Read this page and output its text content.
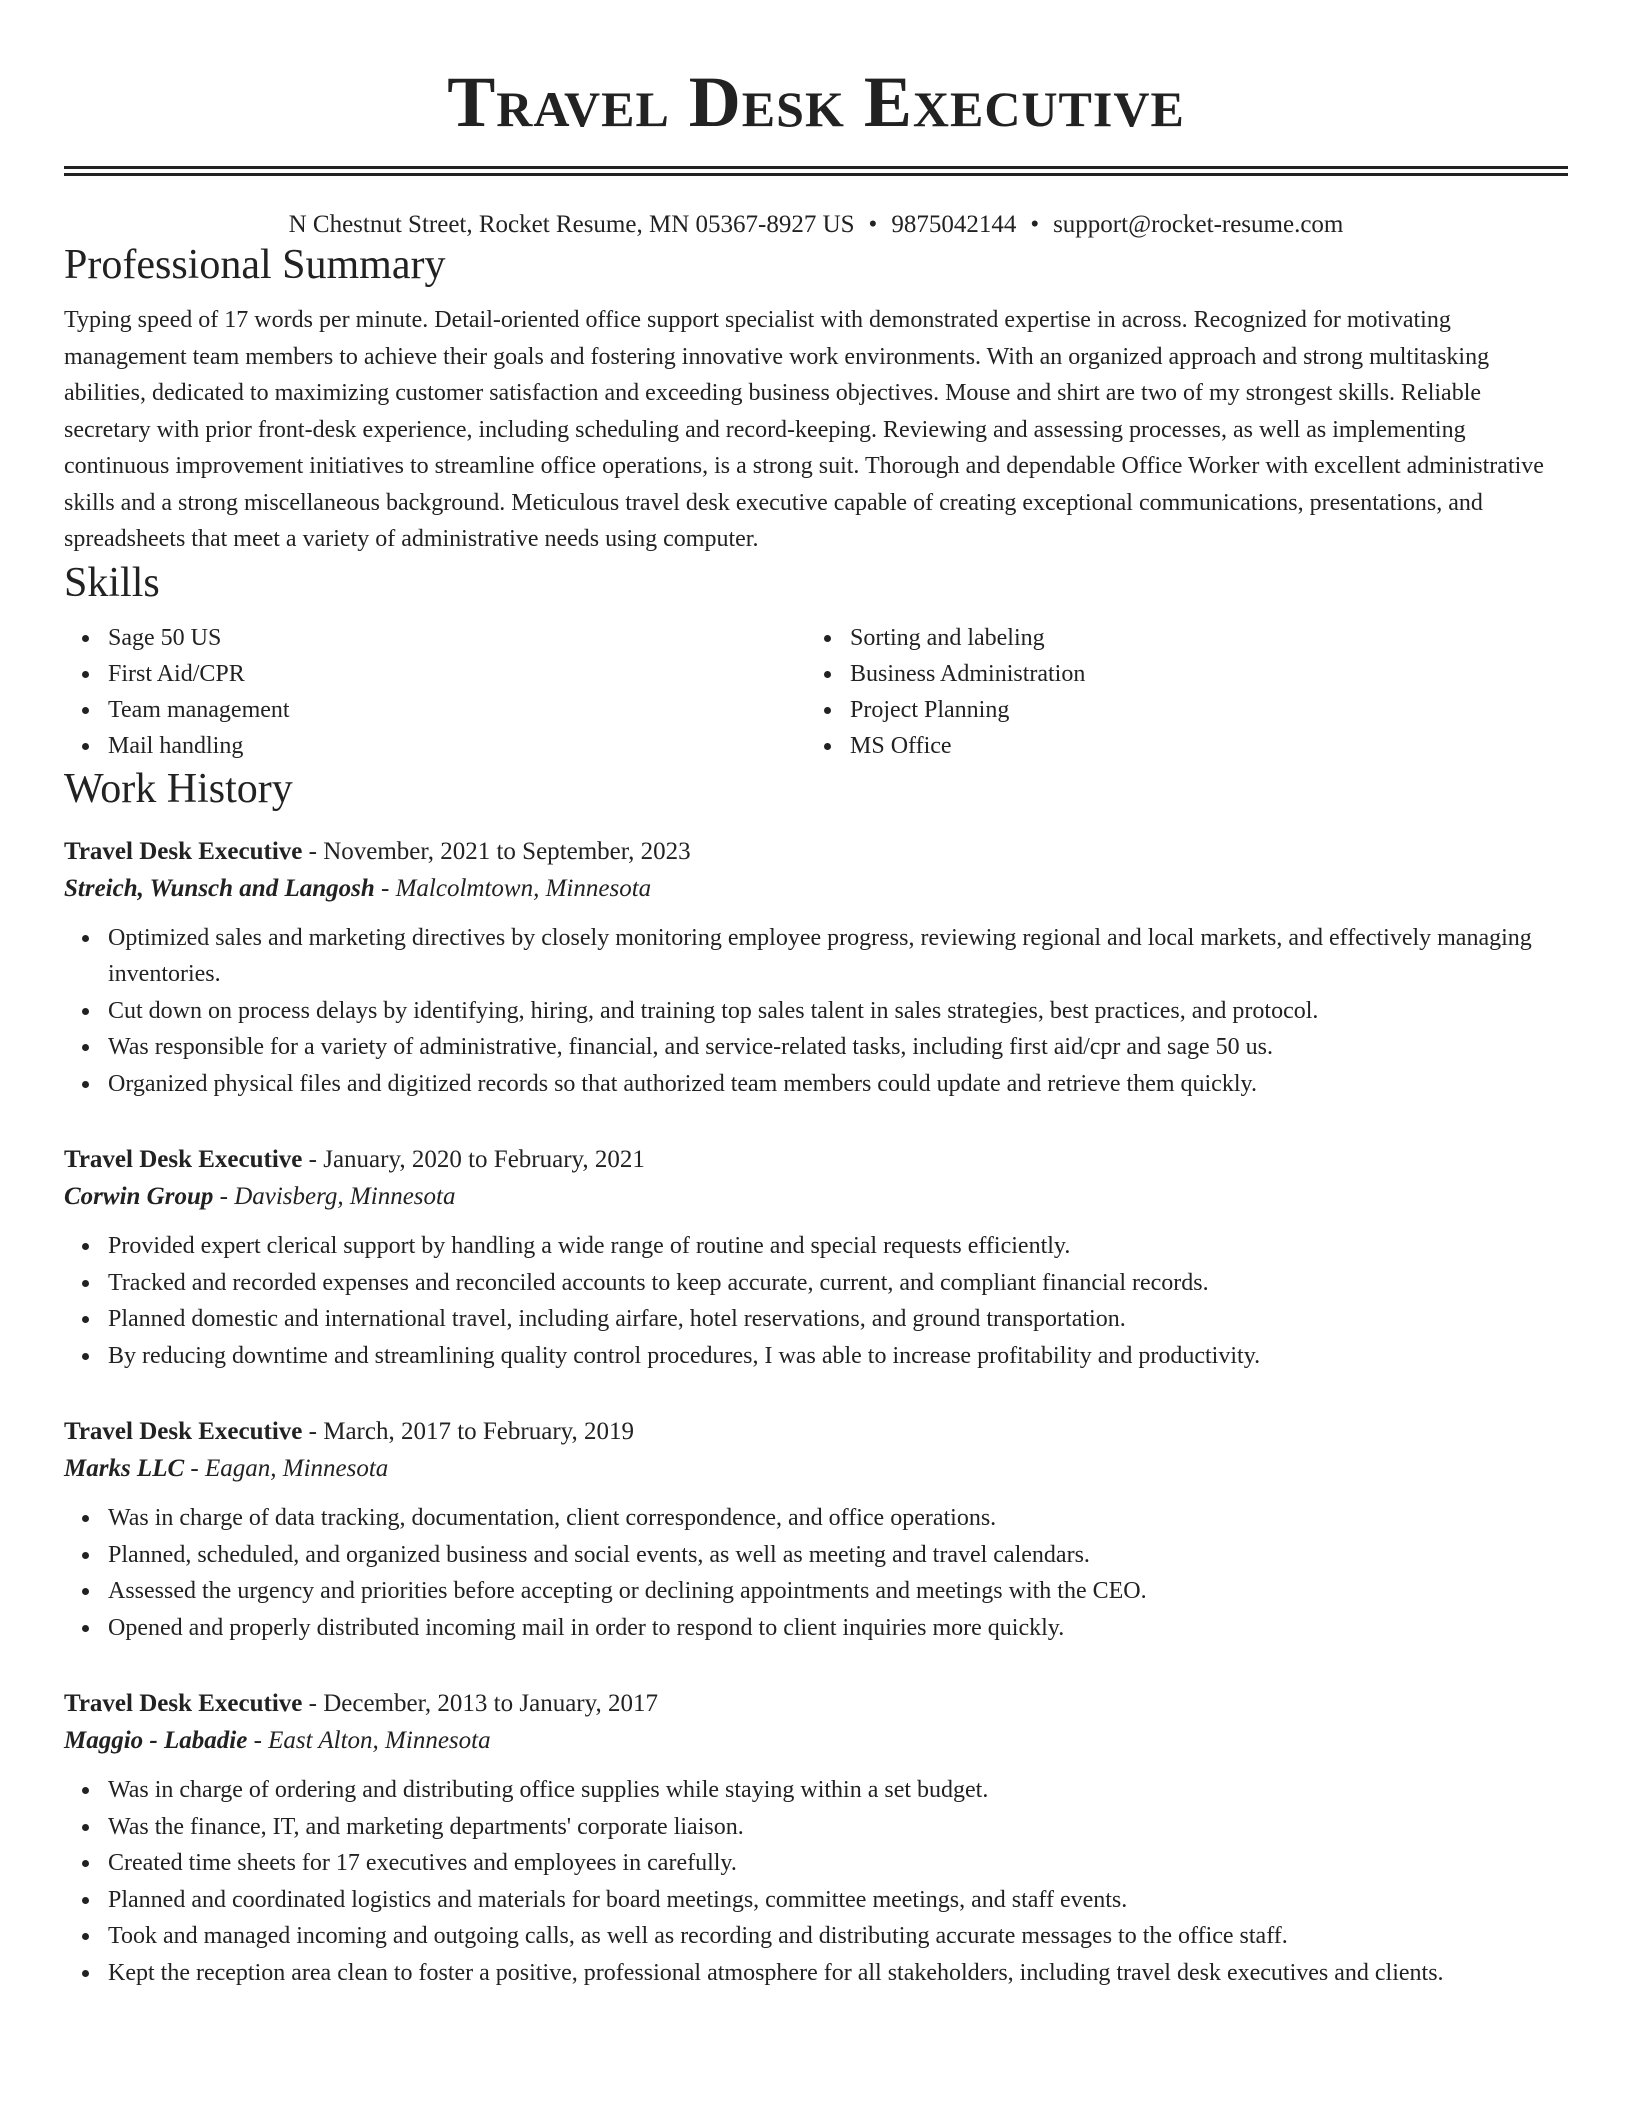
Travel Desk Executive
N Chestnut Street, Rocket Resume, MN 05367-8927 US • 9875042144 • support@rocket-resume.com
Professional Summary

Typing speed of 17 words per minute. Detail-oriented office support specialist with demonstrated expertise in across. Recognized for motivating management team members to achieve their goals and fostering innovative work environments. With an organized approach and strong multitasking abilities, dedicated to maximizing customer satisfaction and exceeding business objectives. Mouse and shirt are two of my strongest skills. Reliable secretary with prior front-desk experience, including scheduling and record-keeping. Reviewing and assessing processes, as well as implementing continuous improvement initiatives to streamline office operations, is a strong suit. Thorough and dependable Office Worker with excellent administrative skills and a strong miscellaneous background. Meticulous travel desk executive capable of creating exceptional communications, presentations, and spreadsheets that meet a variety of administrative needs using computer.

Skills
Sage 50 US
First Aid/CPR
Team management
Mail handling
Sorting and labeling
Business Administration
Project Planning
MS Office
Work History
Travel Desk Executive - November, 2021 to September, 2023
Streich, Wunsch and Langosh - Malcolmtown, Minnesota
Optimized sales and marketing directives by closely monitoring employee progress, reviewing regional and local markets, and effectively managing inventories.
Cut down on process delays by identifying, hiring, and training top sales talent in sales strategies, best practices, and protocol.
Was responsible for a variety of administrative, financial, and service-related tasks, including first aid/cpr and sage 50 us.
Organized physical files and digitized records so that authorized team members could update and retrieve them quickly.
Travel Desk Executive - January, 2020 to February, 2021
Corwin Group - Davisberg, Minnesota
Provided expert clerical support by handling a wide range of routine and special requests efficiently.
Tracked and recorded expenses and reconciled accounts to keep accurate, current, and compliant financial records.
Planned domestic and international travel, including airfare, hotel reservations, and ground transportation.
By reducing downtime and streamlining quality control procedures, I was able to increase profitability and productivity.
Travel Desk Executive - March, 2017 to February, 2019
Marks LLC - Eagan, Minnesota
Was in charge of data tracking, documentation, client correspondence, and office operations.
Planned, scheduled, and organized business and social events, as well as meeting and travel calendars.
Assessed the urgency and priorities before accepting or declining appointments and meetings with the CEO.
Opened and properly distributed incoming mail in order to respond to client inquiries more quickly.
Travel Desk Executive - December, 2013 to January, 2017
Maggio - Labadie - East Alton, Minnesota
Was in charge of ordering and distributing office supplies while staying within a set budget.
Was the finance, IT, and marketing departments' corporate liaison.
Created time sheets for 17 executives and employees in carefully.
Planned and coordinated logistics and materials for board meetings, committee meetings, and staff events.
Took and managed incoming and outgoing calls, as well as recording and distributing accurate messages to the office staff.
Kept the reception area clean to foster a positive, professional atmosphere for all stakeholders, including travel desk executives and clients.
